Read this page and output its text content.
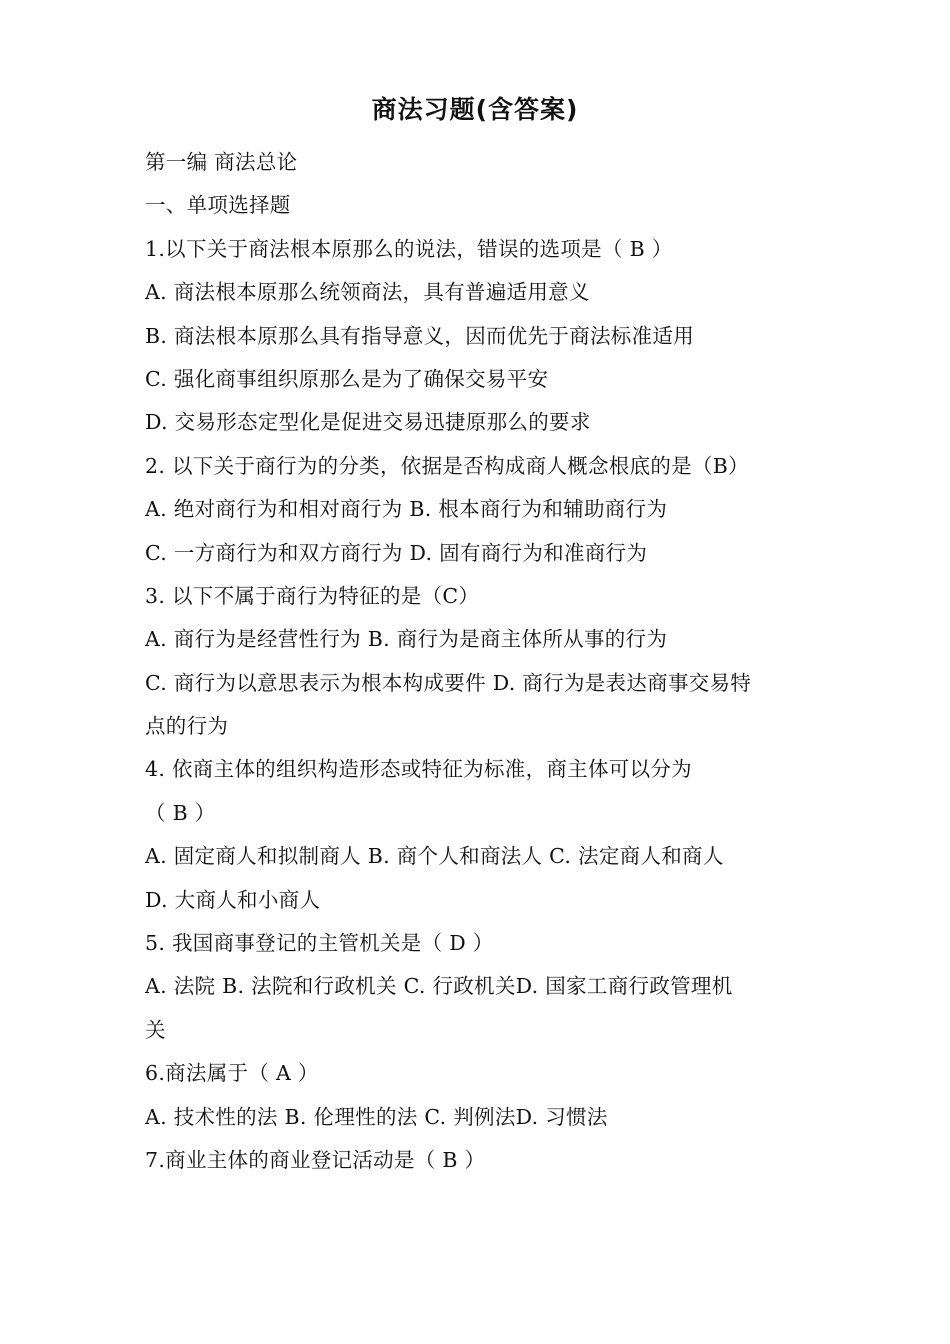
商法习题(含答案)
第一编 商法总论
一、单项选择题
1.以下关于商法根本原那么的说法，错误的选项是（ B ）
A. 商法根本原那么统领商法，具有普遍适用意义
B. 商法根本原那么具有指导意义，因而优先于商法标准适用
C. 强化商事组织原那么是为了确保交易平安
D. 交易形态定型化是促进交易迅捷原那么的要求
2. 以下关于商行为的分类，依据是否构成商人概念根底的是（B）
A. 绝对商行为和相对商行为 B. 根本商行为和辅助商行为
C. 一方商行为和双方商行为 D. 固有商行为和准商行为
3. 以下不属于商行为特征的是（C）
A. 商行为是经营性行为 B. 商行为是商主体所从事的行为
C. 商行为以意思表示为根本构成要件 D. 商行为是表达商事交易特
点的行为
4. 依商主体的组织构造形态或特征为标准，商主体可以分为
（ B ）
A. 固定商人和拟制商人 B. 商个人和商法人 C. 法定商人和商人
D. 大商人和小商人
5. 我国商事登记的主管机关是（ D ）
A. 法院 B. 法院和行政机关 C. 行政机关D. 国家工商行政管理机
关
6.商法属于（ A ）
A. 技术性的法 B. 伦理性的法 C. 判例法D. 习惯法
7.商业主体的商业登记活动是（ B ）
